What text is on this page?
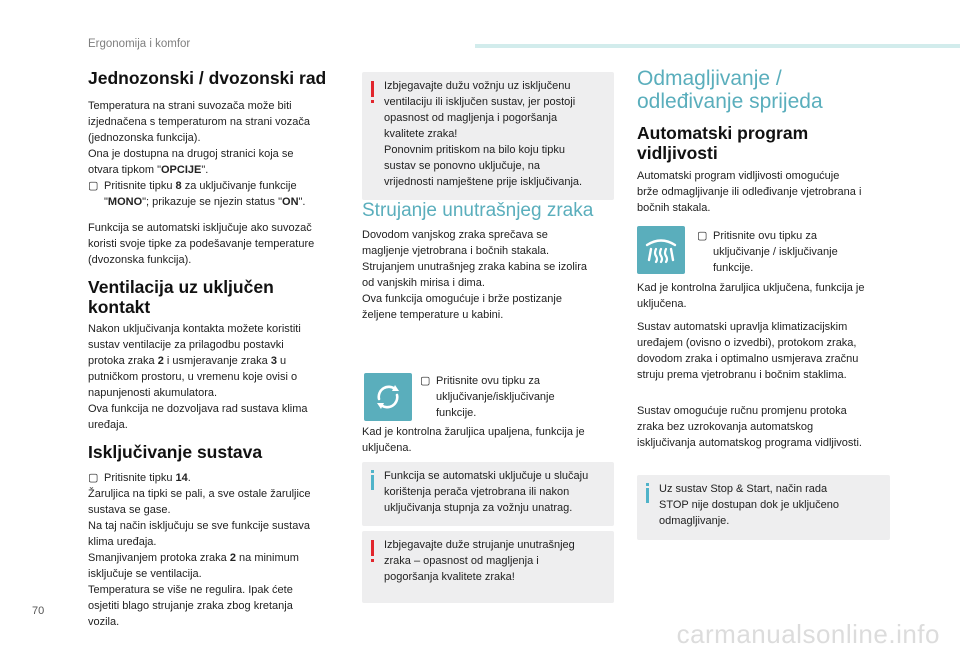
Ergonomija i komfor
Jednozonski / dvozonski rad

Temperatura na strani suvozača može biti
izjednačena s temperaturom na strani vozača
(jednozonska funkcija).
Ona je dostupna na drugoj stranici koja se
otvara tipkom "OPCIJE".
▢ Pritisnite tipku 8 za uključivanje funkcije
"MONO"; prikazuje se njezin status "ON".

Funkcija se automatski isključuje ako suvozač koristi svoje tipke za podešavanje temperature (dvozonska funkcija).

Ventilacija uz uključen
kontakt

Nakon uključivanja kontakta možete koristiti
sustav ventilacije za prilagodbu postavki
protoka zraka 2 i usmjeravanje zraka 3 u
putničkom prostoru, u vremenu koje ovisi o
napunjenosti akumulatora.
Ova funkcija ne dozvoljava rad sustava klima
uređaja.

Isključivanje sustava

▢ Pritisnite tipku 14.
Žaruljica na tipki se pali, a sve ostale žaruljice
sustava se gase.
Na taj način isključuju se sve funkcije sustava
klima uređaja.
Smanjivanjem protoka zraka 2 na minimum
isključuje se ventilacija.
Temperatura se više ne regulira. Ipak ćete
osjetiti blago strujanje zraka zbog kretanja
vozila.

Izbjegavajte dužu vožnju uz isključenu
ventilaciju ili isključen sustav, jer postoji
opasnost od magljenja i pogoršanja
kvalitete zraka!
Ponovnim pritiskom na bilo koju tipku
sustav se ponovno uključuje, na
vrijednosti namještene prije isključivanja.
Strujanje unutrašnjeg zraka

Dovodom vanjskog zraka sprečava se
magljenje vjetrobrana i bočnih stakala.
Strujanjem unutrašnjeg zraka kabina se izolira
od vanjskih mirisa i dima.
Ova funkcija omogućuje i brže postizanje
željene temperature u kabini.

▢ Pritisnite ovu tipku za
uključivanje/isključivanje
funkcije.

Kad je kontrolna žaruljica upaljena, funkcija je
uključena.

Funkcija se automatski uključuje u slučaju
korištenja perača vjetrobrana ili nakon
uključivanja stupnja za vožnju unatrag.
Izbjegavajte duže strujanje unutrašnjeg
zraka – opasnost od magljenja i
pogoršanja kvalitete zraka!
Odmagljivanje /
odleđivanje sprijeda
Automatski program
vidljivosti

Automatski program vidljivosti omogućuje
brže odmagljivanje ili odleđivanje vjetrobrana i
bočnih stakala.

▢ Pritisnite ovu tipku za
uključivanje / isključivanje
funkcije.

Kad je kontrolna žaruljica uključena, funkcija je
uključena.

Sustav automatski upravlja klimatizacijskim
uređajem (ovisno o izvedbi), protokom zraka,
dovodom zraka i optimalno usmjerava zračnu
struju prema vjetrobranu i bočnim staklima.

Sustav omogućuje ručnu promjenu protoka
zraka bez uzrokovanja automatskog
isključivanja automatskog programa vidljivosti.

Uz sustav Stop & Start, način rada
STOP nije dostupan dok je uključeno
odmagljivanje.
70
carmanualsonline.info
